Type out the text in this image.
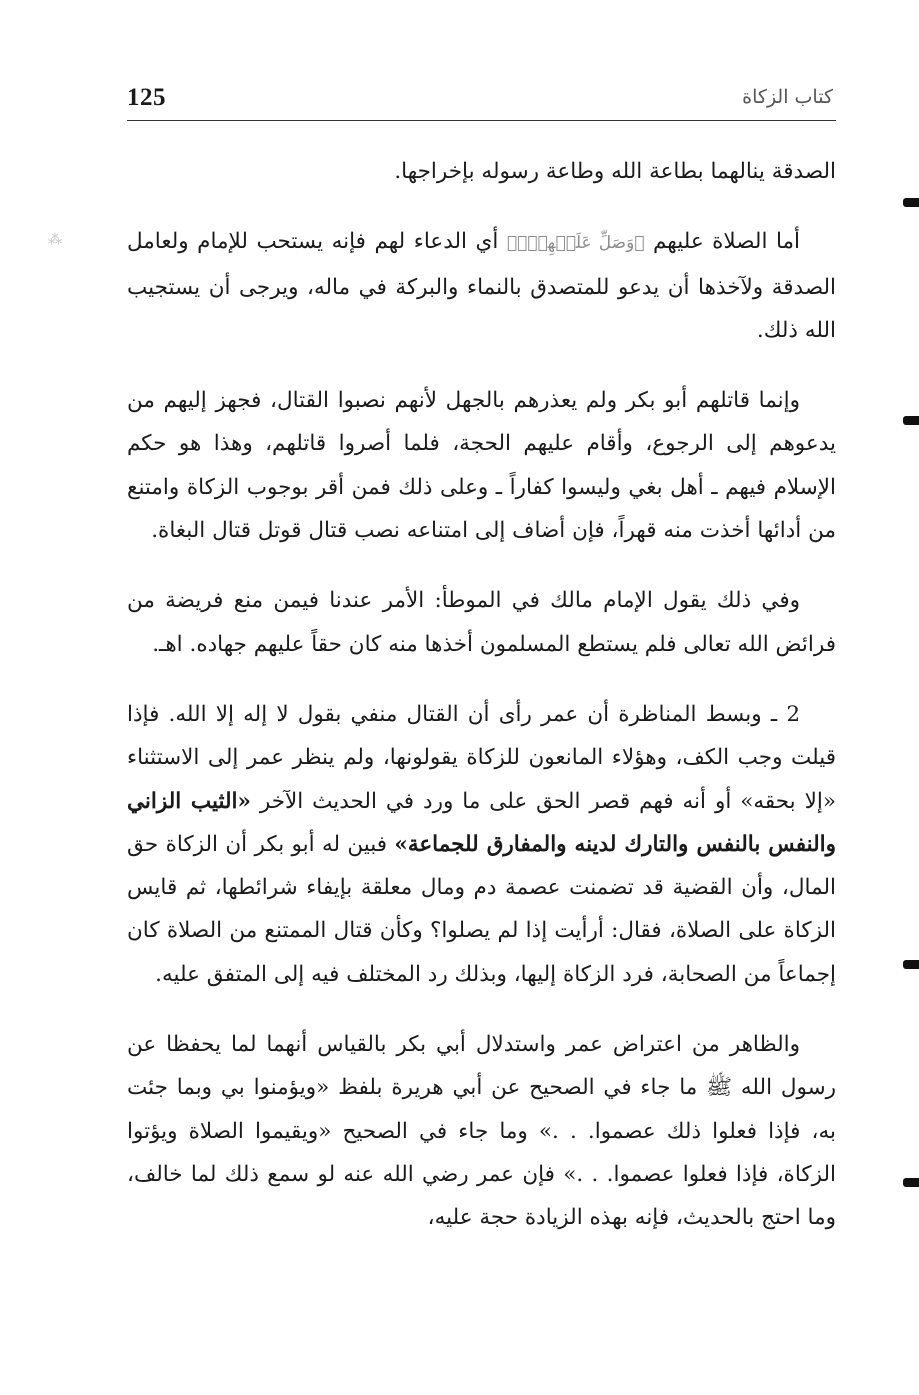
125	كتاب الزكاة
⁂

الصدقة ينالهما بطاعة الله وطاعة رسوله بإخراجها.

أما الصلاة عليهم ﴿وَصَلِّ عَلَيۡهِمۡۖ﴾ أي الدعاء لهم فإنه يستحب للإمام ولعامل الصدقة ولآخذها أن يدعو للمتصدق بالنماء والبركة في ماله، ويرجى أن يستجيب الله ذلك.

وإنما قاتلهم أبو بكر ولم يعذرهم بالجهل لأنهم نصبوا القتال، فجهز إليهم من يدعوهم إلى الرجوع، وأقام عليهم الحجة، فلما أصروا قاتلهم، وهذا هو حكم الإسلام فيهم ـ أهل بغي وليسوا كفاراً ـ وعلى ذلك فمن أقر بوجوب الزكاة وامتنع من أدائها أخذت منه قهراً، فإن أضاف إلى امتناعه نصب قتال قوتل قتال البغاة.

وفي ذلك يقول الإمام مالك في الموطأ: الأمر عندنا فيمن منع فريضة من فرائض الله تعالى فلم يستطع المسلمون أخذها منه كان حقاً عليهم جهاده. اهـ.

2 ـ وبسط المناظرة أن عمر رأى أن القتال منفي بقول لا إله إلا الله. فإذا قيلت وجب الكف، وهؤلاء المانعون للزكاة يقولونها، ولم ينظر عمر إلى الاستثناء «إلا بحقه» أو أنه فهم قصر الحق على ما ورد في الحديث الآخر «الثيب الزاني والنفس بالنفس والتارك لدينه والمفارق للجماعة» فبين له أبو بكر أن الزكاة حق المال، وأن القضية قد تضمنت عصمة دم ومال معلقة بإيفاء شرائطها، ثم قايس الزكاة على الصلاة، فقال: أرأيت إذا لم يصلوا؟ وكأن قتال الممتنع من الصلاة كان إجماعاً من الصحابة، فرد الزكاة إليها، وبذلك رد المختلف فيه إلى المتفق عليه.

والظاهر من اعتراض عمر واستدلال أبي بكر بالقياس أنهما لما يحفظا عن رسول الله ﷺ ما جاء في الصحيح عن أبي هريرة بلفظ «ويؤمنوا بي وبما جئت به، فإذا فعلوا ذلك عصموا. . .» وما جاء في الصحيح «ويقيموا الصلاة ويؤتوا الزكاة، فإذا فعلوا عصموا. . .» فإن عمر رضي الله عنه لو سمع ذلك لما خالف، وما احتج بالحديث، فإنه بهذه الزيادة حجة عليه،
